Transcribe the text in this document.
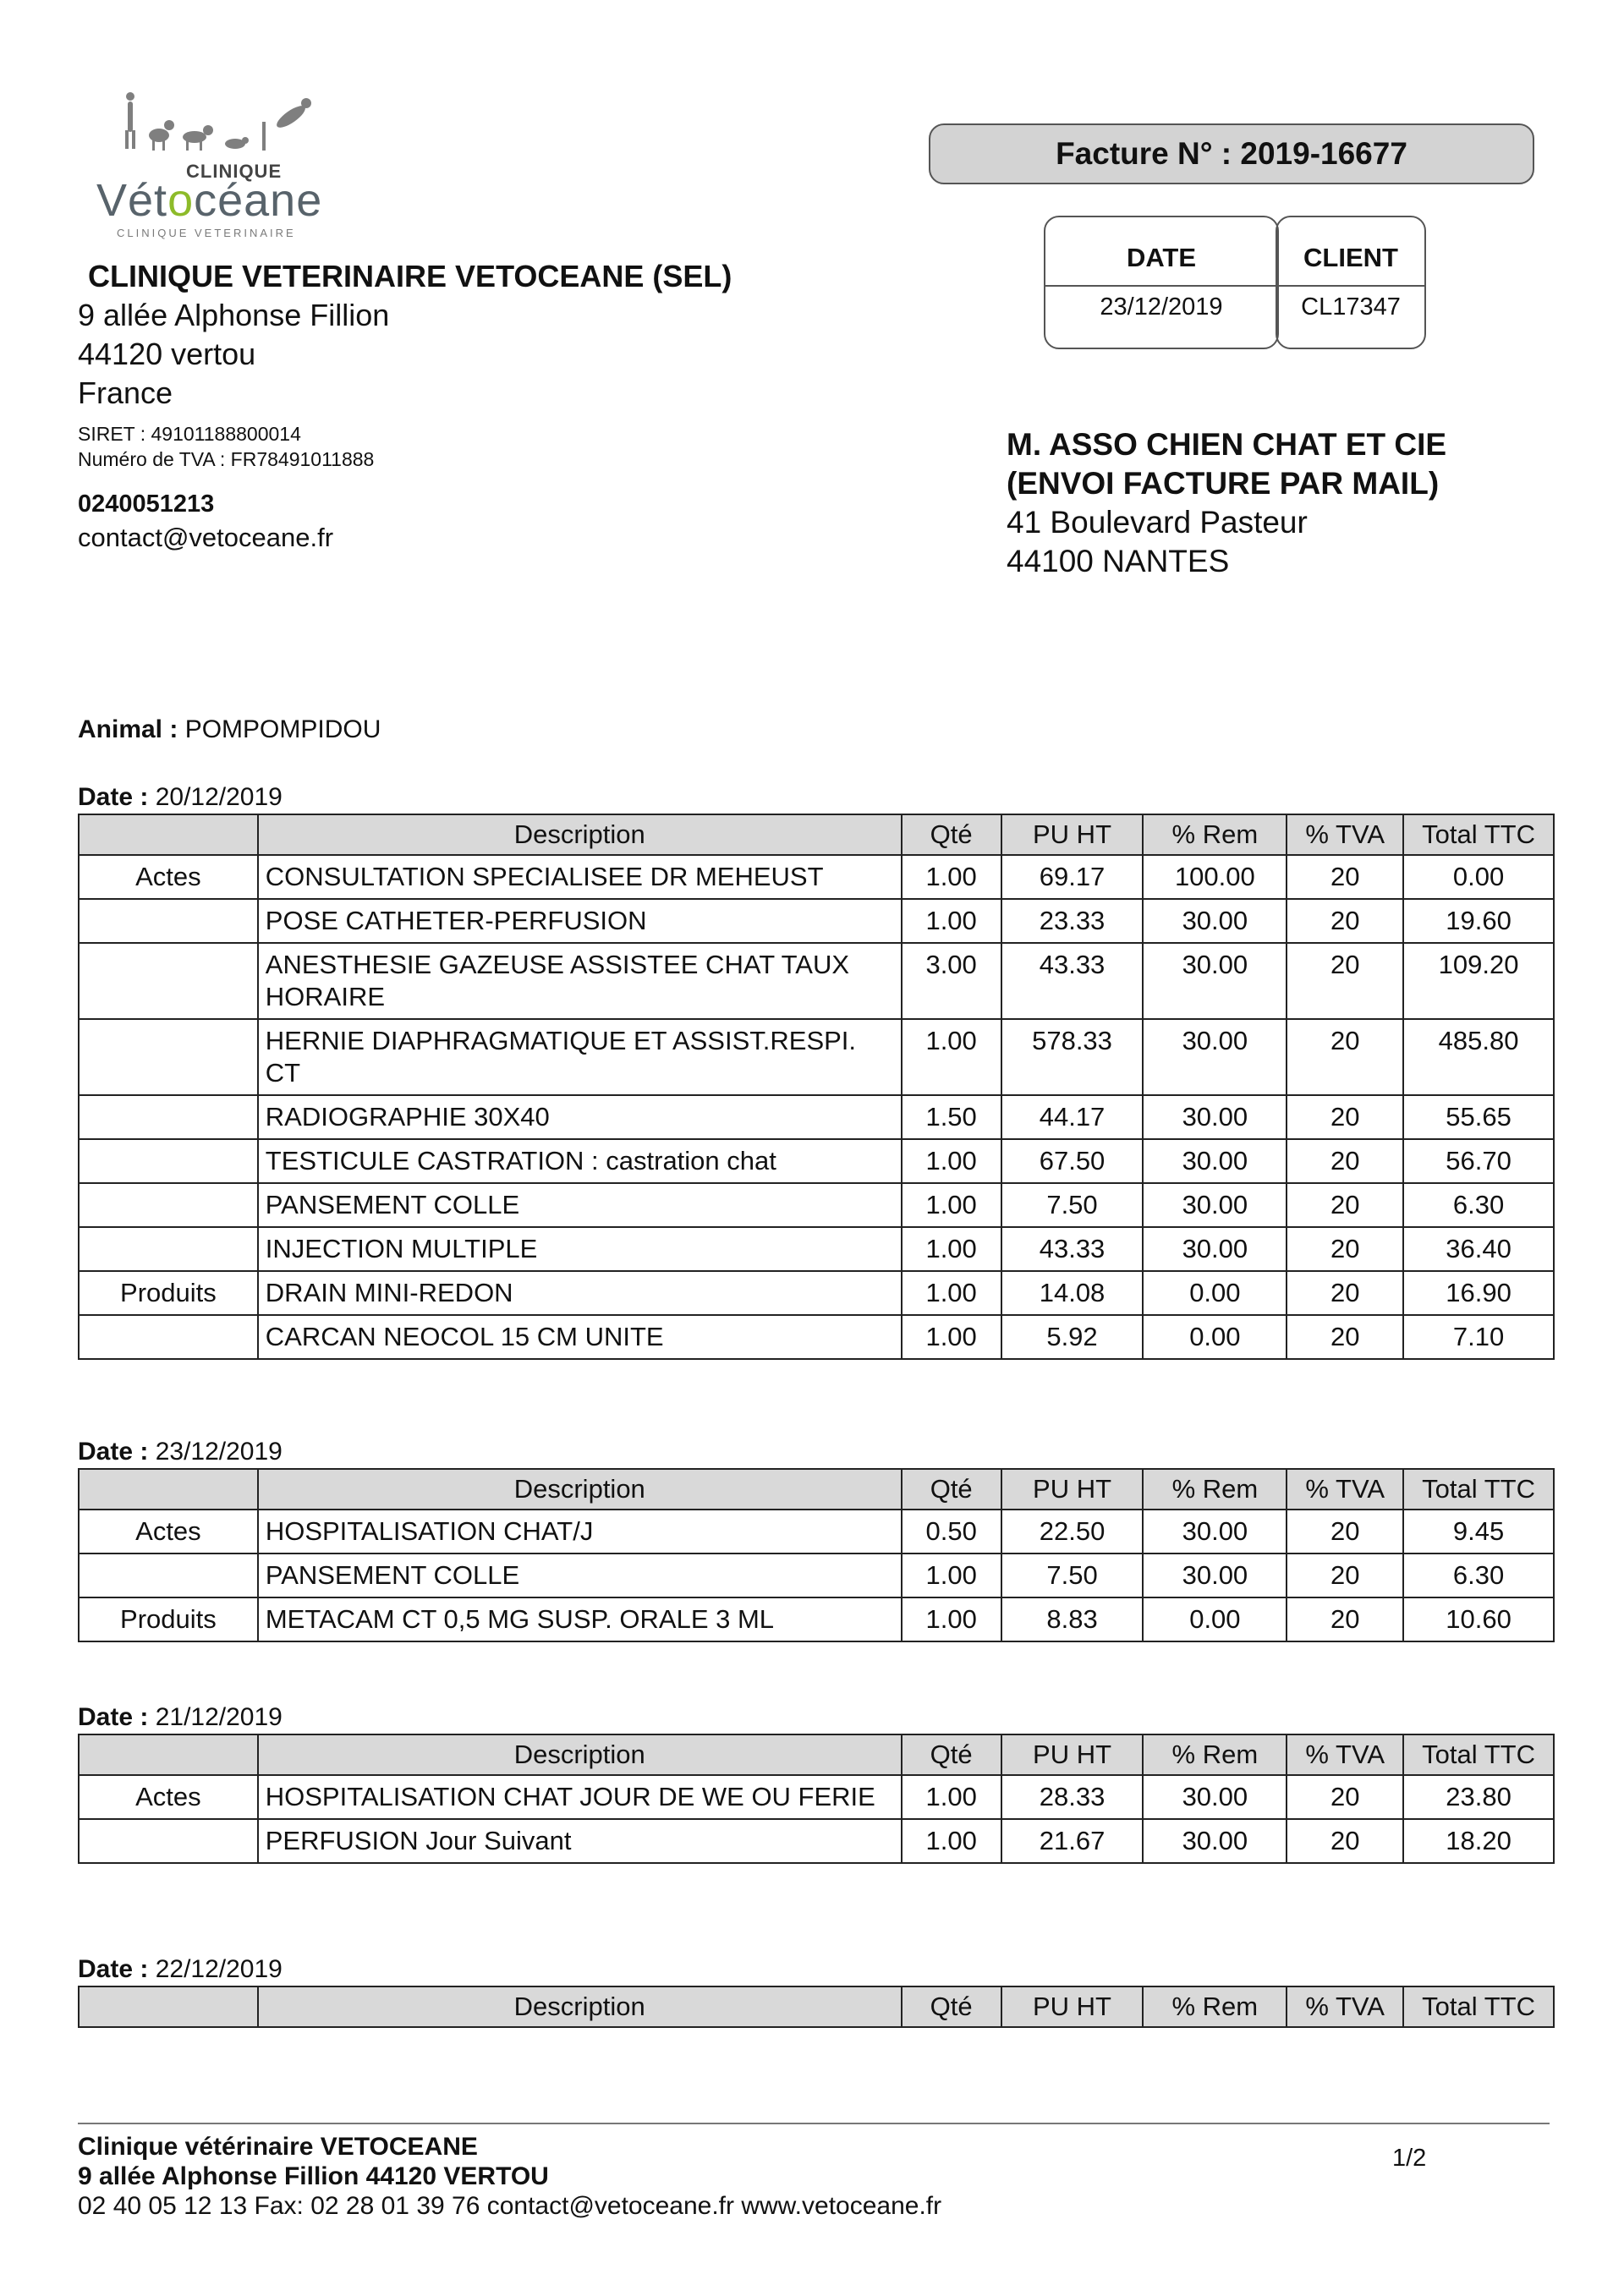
CLINIQUE
Vétocéane
CLINIQUE VETERINAIRE
CLINIQUE VETERINAIRE VETOCEANE (SEL)
9 allée Alphonse Fillion
44120 vertou
France
SIRET : 49101188800014
Numéro de TVA : FR78491011888
0240051213
contact@vetoceane.fr
Facture N° : 2019-16677
DATE
23/12/2019
CLIENT
CL17347
M. ASSO CHIEN CHAT ET CIE
(ENVOI FACTURE PAR MAIL)
41 Boulevard Pasteur
44100 NANTES
Animal : POMPOMPIDOU
Date : 20/12/2019
	Description	Qté	PU HT	% Rem	% TVA	Total TTC
Actes	CONSULTATION SPECIALISEE DR MEHEUST	1.00	69.17	100.00	20	0.00
	POSE CATHETER-PERFUSION	1.00	23.33	30.00	20	19.60
	ANESTHESIE GAZEUSE ASSISTEE CHAT TAUX HORAIRE	3.00	43.33	30.00	20	109.20
	HERNIE DIAPHRAGMATIQUE ET ASSIST.RESPI. CT	1.00	578.33	30.00	20	485.80
	RADIOGRAPHIE 30X40	1.50	44.17	30.00	20	55.65
	TESTICULE CASTRATION : castration chat	1.00	67.50	30.00	20	56.70
	PANSEMENT COLLE	1.00	7.50	30.00	20	6.30
	INJECTION MULTIPLE	1.00	43.33	30.00	20	36.40
Produits	DRAIN MINI-REDON	1.00	14.08	0.00	20	16.90
	CARCAN NEOCOL 15 CM UNITE	1.00	5.92	0.00	20	7.10
Date : 23/12/2019
	Description	Qté	PU HT	% Rem	% TVA	Total TTC
Actes	HOSPITALISATION CHAT/J	0.50	22.50	30.00	20	9.45
	PANSEMENT COLLE	1.00	7.50	30.00	20	6.30
Produits	METACAM CT 0,5 MG SUSP. ORALE 3 ML	1.00	8.83	0.00	20	10.60
Date : 21/12/2019
	Description	Qté	PU HT	% Rem	% TVA	Total TTC
Actes	HOSPITALISATION CHAT JOUR DE WE OU FERIE	1.00	28.33	30.00	20	23.80
	PERFUSION Jour Suivant	1.00	21.67	30.00	20	18.20
Date : 22/12/2019
	Description	Qté	PU HT	% Rem	% TVA	Total TTC
Clinique vétérinaire VETOCEANE
9 allée Alphonse Fillion 44120 VERTOU
02 40 05 12 13 Fax: 02 28 01 39 76 contact@vetoceane.fr www.vetoceane.fr
1/2
